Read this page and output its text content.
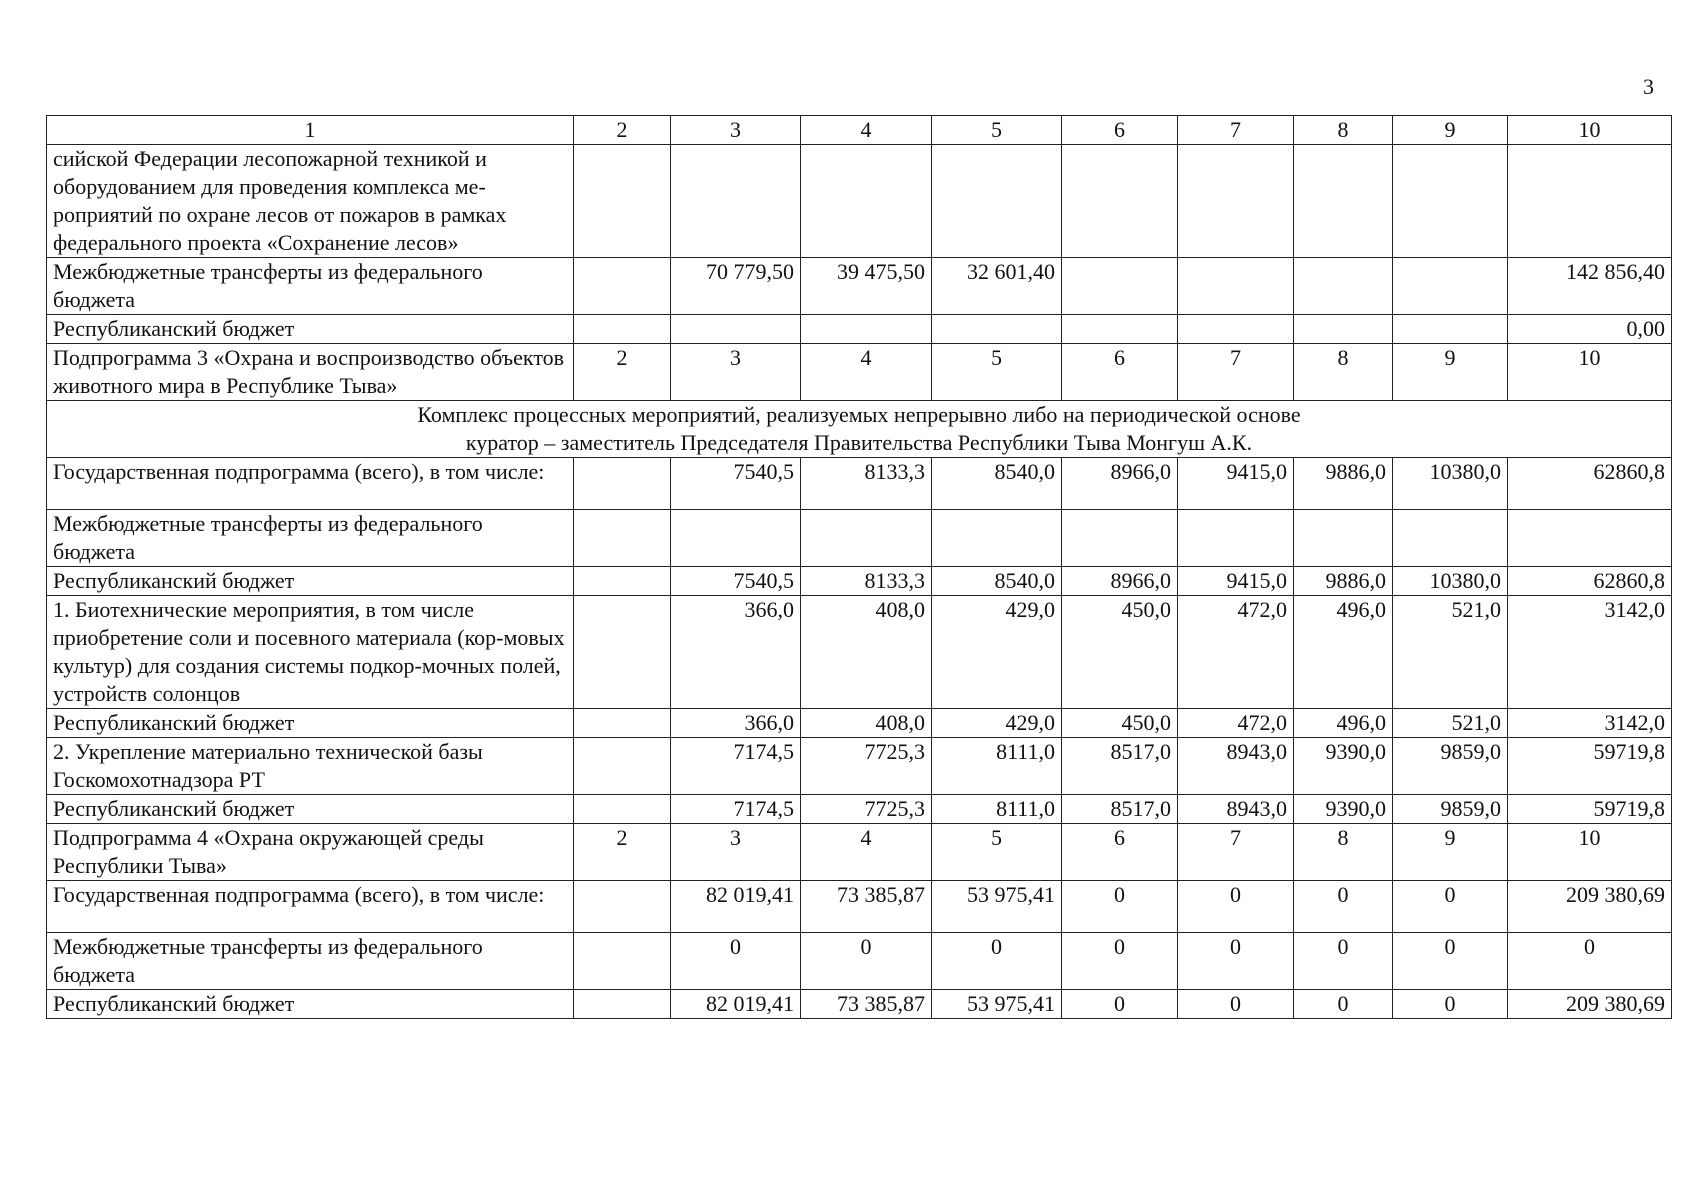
3
1	2	3	4	5	6	7	8	9	10
сийской Федерации лесопожарной техникой и оборудованием для проведения комплекса ме-роприятий по охране лесов от пожаров в рамках федерального проекта «Сохранение лесов»									
Межбюджетные трансферты из федерального бюджета		70 779,50	39 475,50	32 601,40					142 856,40
Республиканский бюджет									0,00
Подпрограмма 3 «Охрана и воспроизводство объектов животного мира в Республике Тыва»	2	3	4	5	6	7	8	9	10

Комплекс процессных мероприятий, реализуемых непрерывно либо на периодической основе
куратор – заместитель Председателя Правительства Республики Тыва Монгуш А.К.									

Государственная подпрограмма (всего), в том числе:		7540,5	8133,3	8540,0	8966,0	9415,0	9886,0	10380,0	62860,8
Межбюджетные трансферты из федерального бюджета									
Республиканский бюджет		7540,5	8133,3	8540,0	8966,0	9415,0	9886,0	10380,0	62860,8
1. Биотехнические мероприятия, в том числе приобретение соли и посевного материала (кор-мовых культур) для создания системы подкор-мочных полей, устройств солонцов		366,0	408,0	429,0	450,0	472,0	496,0	521,0	3142,0
Республиканский бюджет		366,0	408,0	429,0	450,0	472,0	496,0	521,0	3142,0
2. Укрепление материально технической базы Госкомохотнадзора РТ		7174,5	7725,3	8111,0	8517,0	8943,0	9390,0	9859,0	59719,8
Республиканский бюджет		7174,5	7725,3	8111,0	8517,0	8943,0	9390,0	9859,0	59719,8
Подпрограмма 4 «Охрана окружающей среды Республики Тыва»	2	3	4	5	6	7	8	9	10
Государственная подпрограмма (всего), в том числе:		82 019,41	73 385,87	53 975,41	0	0	0	0	209 380,69
Межбюджетные трансферты из федерального бюджета		0	0	0	0	0	0	0	0
Республиканский бюджет		82 019,41	73 385,87	53 975,41	0	0	0	0	209 380,69
